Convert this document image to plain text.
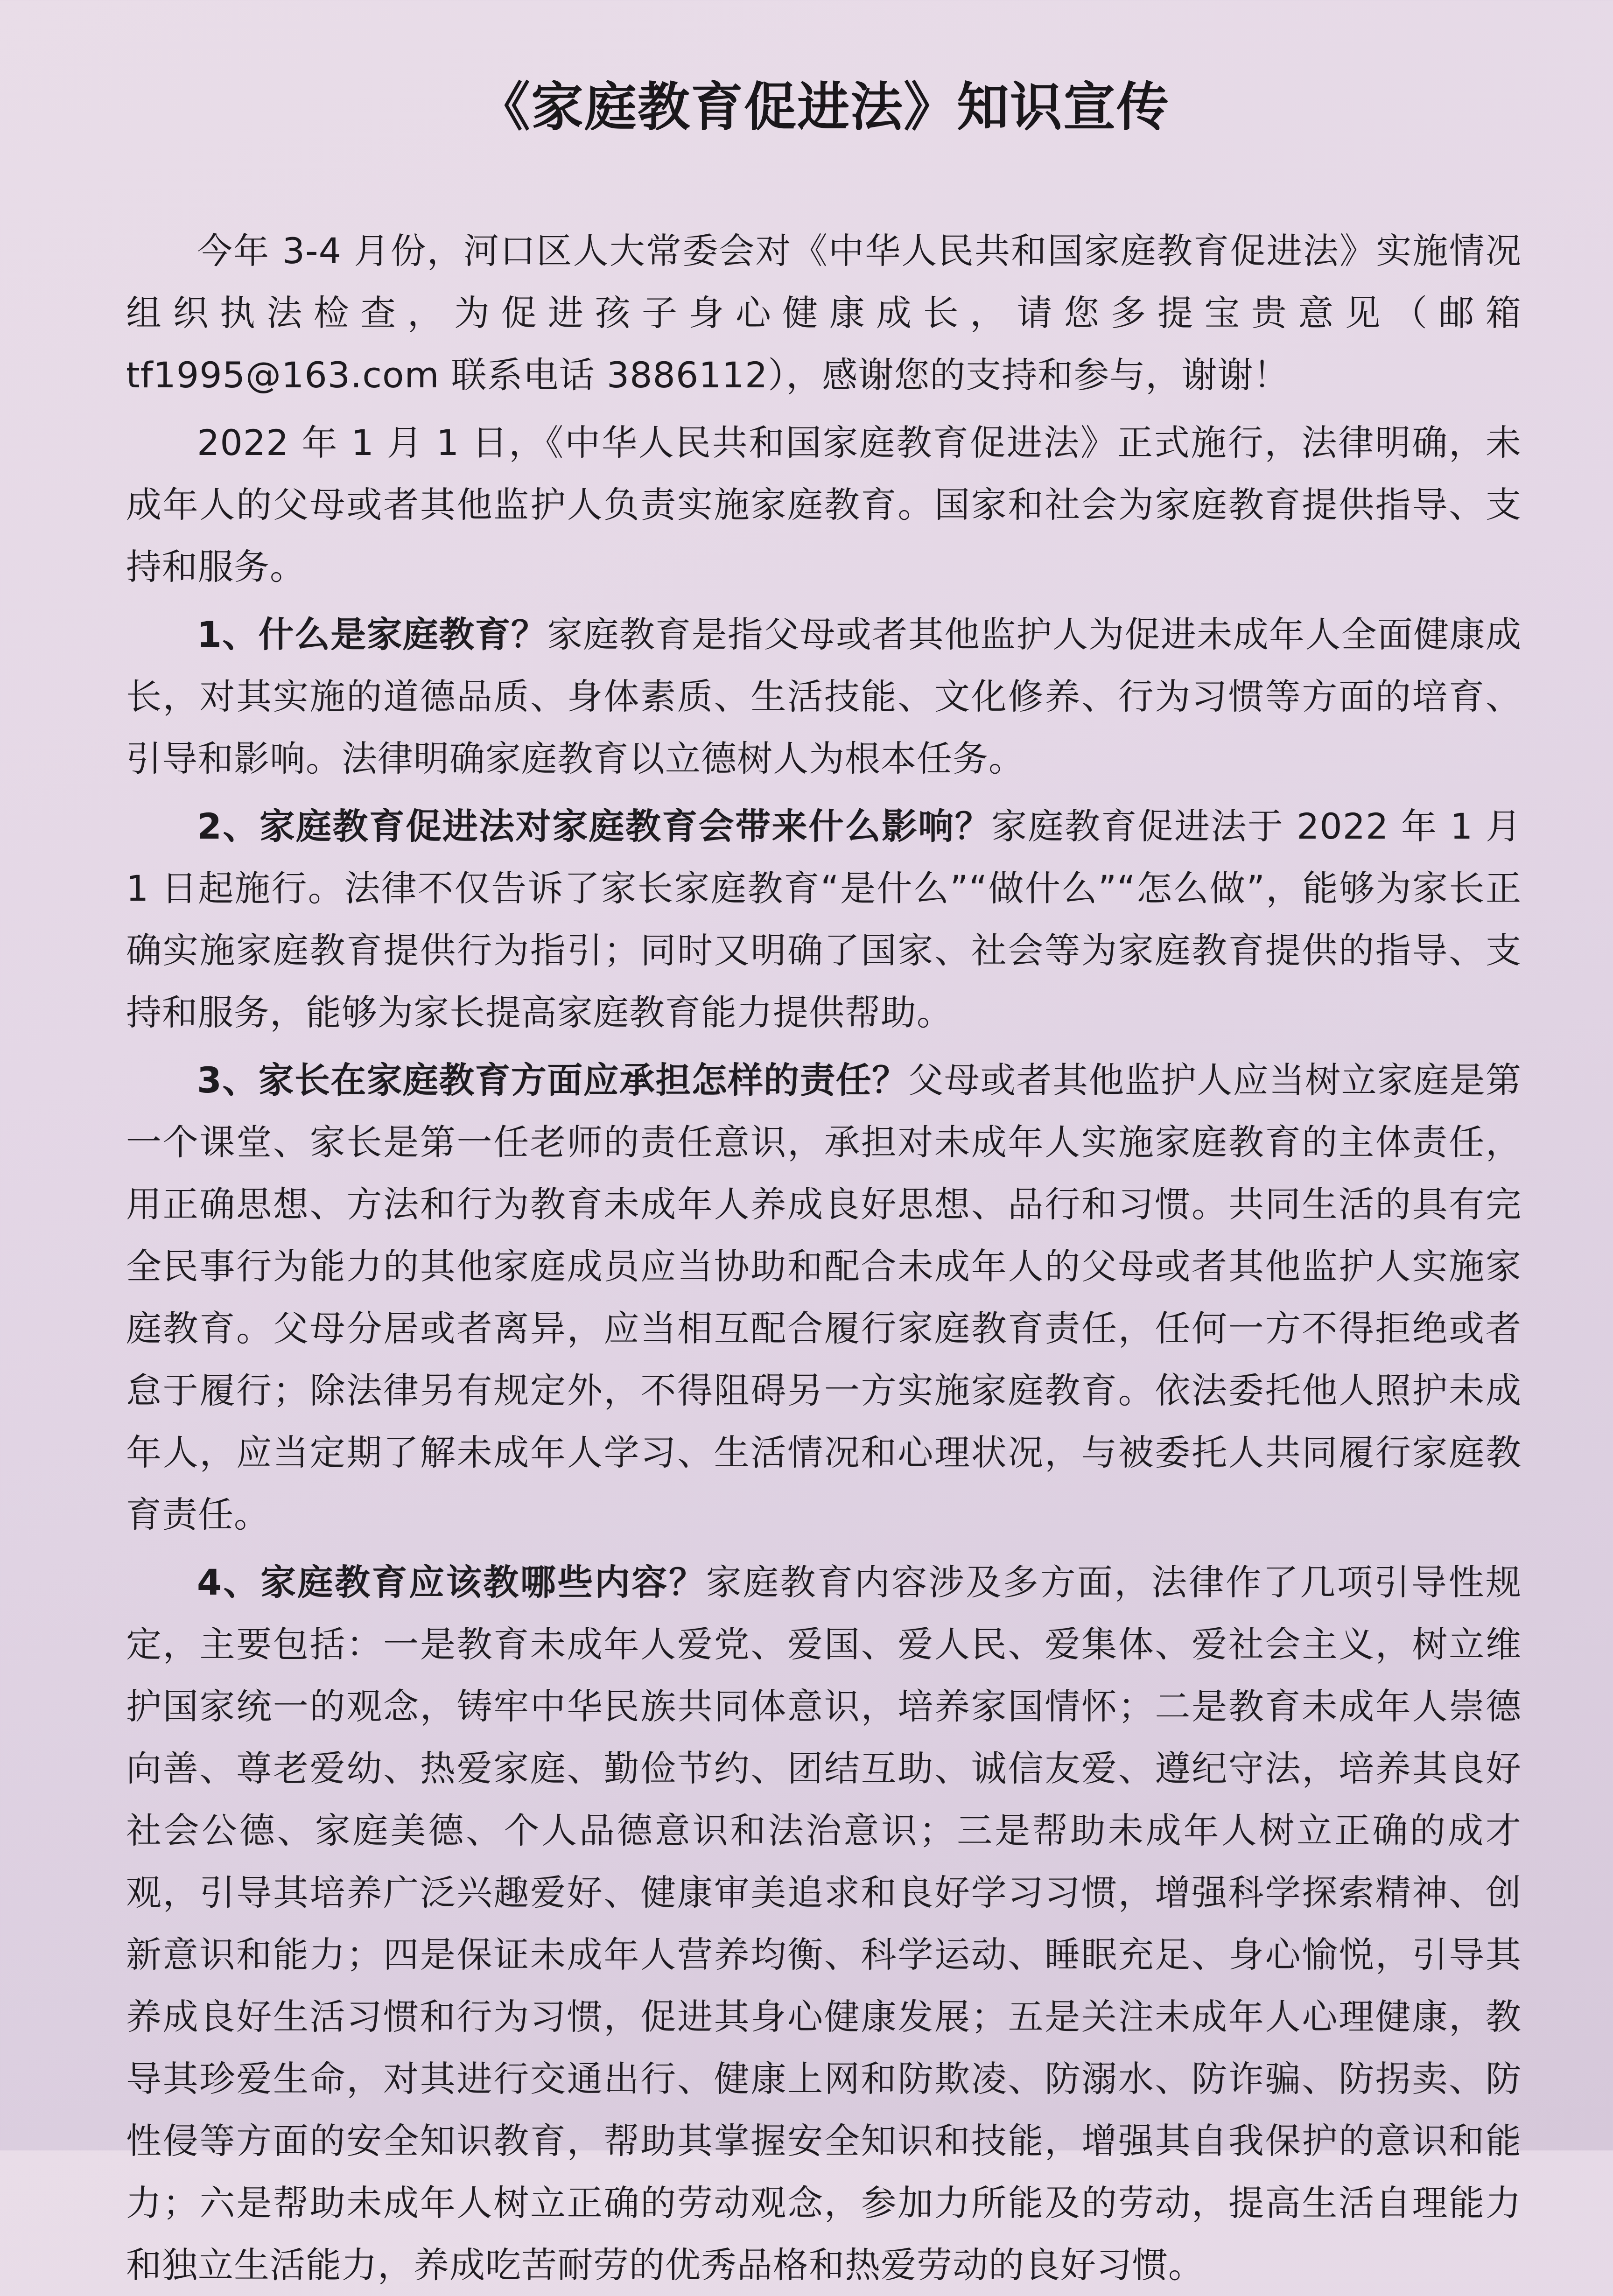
《家庭教育促进法》知识宣传

今年 3-4 月份，河口区人大常委会对《中华人民共和国家庭教育促进法》实施情况组织执法检查，为促进孩子身心健康成长，请您多提宝贵意见（邮箱 tf1995@163.com 联系电话 3886112），感谢您的支持和参与，谢谢！

2022 年 1 月 1 日，《中华人民共和国家庭教育促进法》正式施行，法律明确，未成年人的父母或者其他监护人负责实施家庭教育。国家和社会为家庭教育提供指导、支持和服务。

1、什么是家庭教育？家庭教育是指父母或者其他监护人为促进未成年人全面健康成长，对其实施的道德品质、身体素质、生活技能、文化修养、行为习惯等方面的培育、引导和影响。法律明确家庭教育以立德树人为根本任务。

2、家庭教育促进法对家庭教育会带来什么影响？家庭教育促进法于 2022 年 1 月 1 日起施行。法律不仅告诉了家长家庭教育“是什么”“做什么”“怎么做”，能够为家长正确实施家庭教育提供行为指引；同时又明确了国家、社会等为家庭教育提供的指导、支持和服务，能够为家长提高家庭教育能力提供帮助。

3、家长在家庭教育方面应承担怎样的责任？父母或者其他监护人应当树立家庭是第一个课堂、家长是第一任老师的责任意识，承担对未成年人实施家庭教育的主体责任，用正确思想、方法和行为教育未成年人养成良好思想、品行和习惯。共同生活的具有完全民事行为能力的其他家庭成员应当协助和配合未成年人的父母或者其他监护人实施家庭教育。父母分居或者离异，应当相互配合履行家庭教育责任，任何一方不得拒绝或者怠于履行；除法律另有规定外，不得阻碍另一方实施家庭教育。依法委托他人照护未成年人，应当定期了解未成年人学习、生活情况和心理状况，与被委托人共同履行家庭教育责任。

4、家庭教育应该教哪些内容？家庭教育内容涉及多方面，法律作了几项引导性规定，主要包括：一是教育未成年人爱党、爱国、爱人民、爱集体、爱社会主义，树立维护国家统一的观念，铸牢中华民族共同体意识，培养家国情怀；二是教育未成年人崇德向善、尊老爱幼、热爱家庭、勤俭节约、团结互助、诚信友爱、遵纪守法，培养其良好社会公德、家庭美德、个人品德意识和法治意识；三是帮助未成年人树立正确的成才观，引导其培养广泛兴趣爱好、健康审美追求和良好学习习惯，增强科学探索精神、创新意识和能力；四是保证未成年人营养均衡、科学运动、睡眠充足、身心愉悦，引导其养成良好生活习惯和行为习惯，促进其身心健康发展；五是关注未成年人心理健康，教导其珍爱生命，对其进行交通出行、健康上网和防欺凌、防溺水、防诈骗、防拐卖、防性侵等方面的安全知识教育，帮助其掌握安全知识和技能，增强其自我保护的意识和能力；六是帮助未成年人树立正确的劳动观念，参加力所能及的劳动，提高生活自理能力和独立生活能力，养成吃苦耐劳的优秀品格和热爱劳动的良好习惯。
